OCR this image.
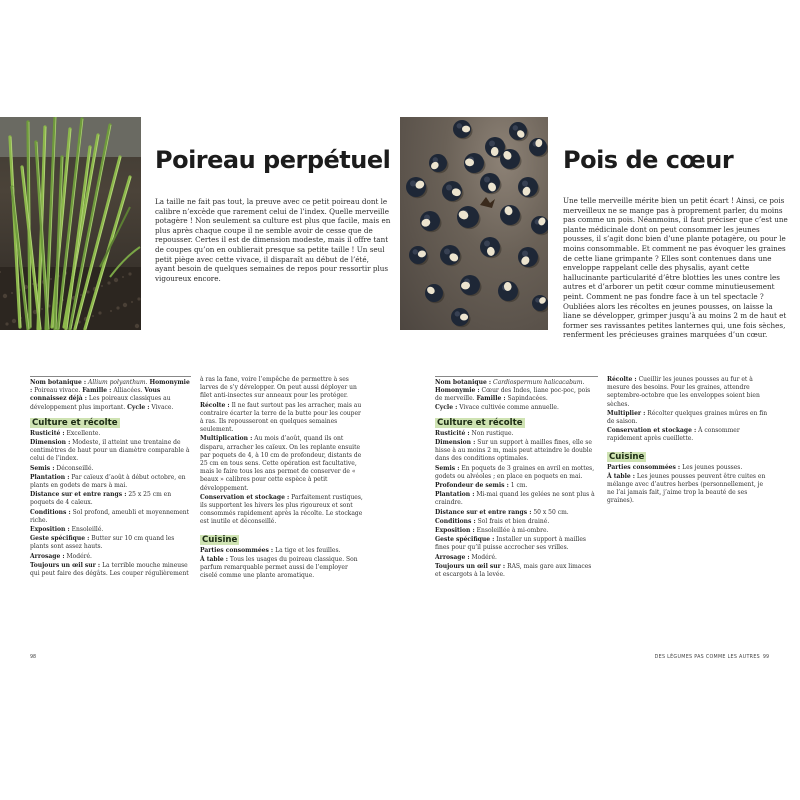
Poireau perpétuel

La taille ne fait pas tout, la preuve avec ce petit poireau dont le calibre n’excède que rarement celui de l’index. Quelle merveille potagère ! Non seulement sa culture est plus que facile, mais en plus après chaque coupe il ne semble avoir de cesse que de repousser. Certes il est de dimension modeste, mais il offre tant de coupes qu’on en oublierait presque sa petite taille ! Un seul petit piège avec cette vivace, il disparaît au début de l’été, ayant besoin de quelques semaines de repos pour ressortir plus vigoureux encore.

Nom botanique : Allium polyanthum. Homonymie : Poireau vivace. Famille : Alliacées. Vous connaissez déjà : Les poireaux classiques au développement plus important. Cycle : Vivace.

Culture et récolte

Rusticité : Excellente.

Dimension : Modeste, il atteint une trentaine de centimètres de haut pour un diamètre comparable à celui de l’index.

Semis : Déconseillé.

Plantation : Par caïeux d’août à début octobre, en plants en godets de mars à mai.

Distance sur et entre rangs : 25 x 25 cm en poquets de 4 caïeux.

Conditions : Sol profond, ameubli et moyennement riche.

Exposition : Ensoleillé.

Geste spécifique : Butter sur 10 cm quand les plants sont assez hauts.

Arrosage : Modéré.

Toujours un œil sur : La terrible mouche mineuse qui peut faire des dégâts. Les couper régulièrement

à ras la fane, voire l’empêche de permettre à ses larves de s’y développer. On peut aussi déployer un filet anti-insectes sur anneaux pour les protéger.

Récolte : Il ne faut surtout pas les arracher, mais au contraire écarter la terre de la butte pour les couper à ras. Ils repousseront en quelques semaines seulement.

Multiplication : Au mois d’août, quand ils ont disparu, arracher les caïeux. On les replante ensuite par poquets de 4, à 10 cm de profondeur, distants de 25 cm en tous sens. Cette opération est facultative, mais le faire tous les ans permet de conserver de « beaux » calibres pour cette espèce à petit développement.

Conservation et stockage : Parfaitement rustiques, ils supportent les hivers les plus rigoureux et sont consommés rapidement après la récolte. Le stockage est inutile et déconseillé.

Cuisine

Parties consommées : La tige et les feuilles.

À table : Tous les usages du poireau classique. Son parfum remarquable permet aussi de l’employer ciselé comme une plante aromatique.

98
Pois de cœur

Une telle merveille mérite bien un petit écart ! Ainsi, ce pois merveilleux ne se mange pas à proprement parler, du moins pas comme un pois. Néanmoins, il faut préciser que c’est une plante médicinale dont on peut consommer les jeunes pousses, il s’agit donc bien d’une plante potagère, ou pour le moins consommable. Et comment ne pas évoquer les graines de cette liane grimpante ? Elles sont contenues dans une enveloppe rappelant celle des physalis, ayant cette hallucinante particularité d’être blotties les unes contre les autres et d’arborer un petit cœur comme minutieusement peint. Comment ne pas fondre face à un tel spectacle ? Oubliées alors les récoltes en jeunes pousses, on laisse la liane se développer, grimper jusqu’à au moins 2 m de haut et former ses ravissantes petites lanternes qui, une fois sèches, renferment les précieuses graines marquées d’un cœur.

Nom botanique : Cardiospermum halicacabum.
Homonymie : Cœur des Indes, liane poc-poc, pois de merveille. Famille : Sapindacées.
Cycle : Vivace cultivée comme annuelle.

Culture et récolte

Rusticité : Non rustique.

Dimension : Sur un support à mailles fines, elle se hisse à au moins 2 m, mais peut atteindre le double dans des conditions optimales.

Semis : En poquets de 3 graines en avril en mottes, godets ou alvéoles ; en place en poquets en mai.

Profondeur de semis : 1 cm.

Plantation : Mi-mai quand les gelées ne sont plus à craindre.

Distance sur et entre rangs : 50 x 50 cm.

Conditions : Sol frais et bien drainé.

Exposition : Ensoleillée à mi-ombre.

Geste spécifique : Installer un support à mailles fines pour qu’il puisse accrocher ses vrilles.

Arrosage : Modéré.

Toujours un œil sur : RAS, mais gare aux limaces et escargots à la levée.

Récolte : Cueillir les jeunes pousses au fur et à mesure des besoins. Pour les graines, attendre septembre-octobre que les enveloppes soient bien sèches.

Multiplier : Récolter quelques graines mûres en fin de saison.

Conservation et stockage : À consommer rapidement après cueillette.

Cuisine

Parties consommées : Les jeunes pousses.

À table : Les jeunes pousses peuvent être cuites en mélange avec d’autres herbes (personnellement, je ne l’ai jamais fait, j’aime trop la beauté de ses graines).

DES LÉGUMES PAS COMME LES AUTRES 99
